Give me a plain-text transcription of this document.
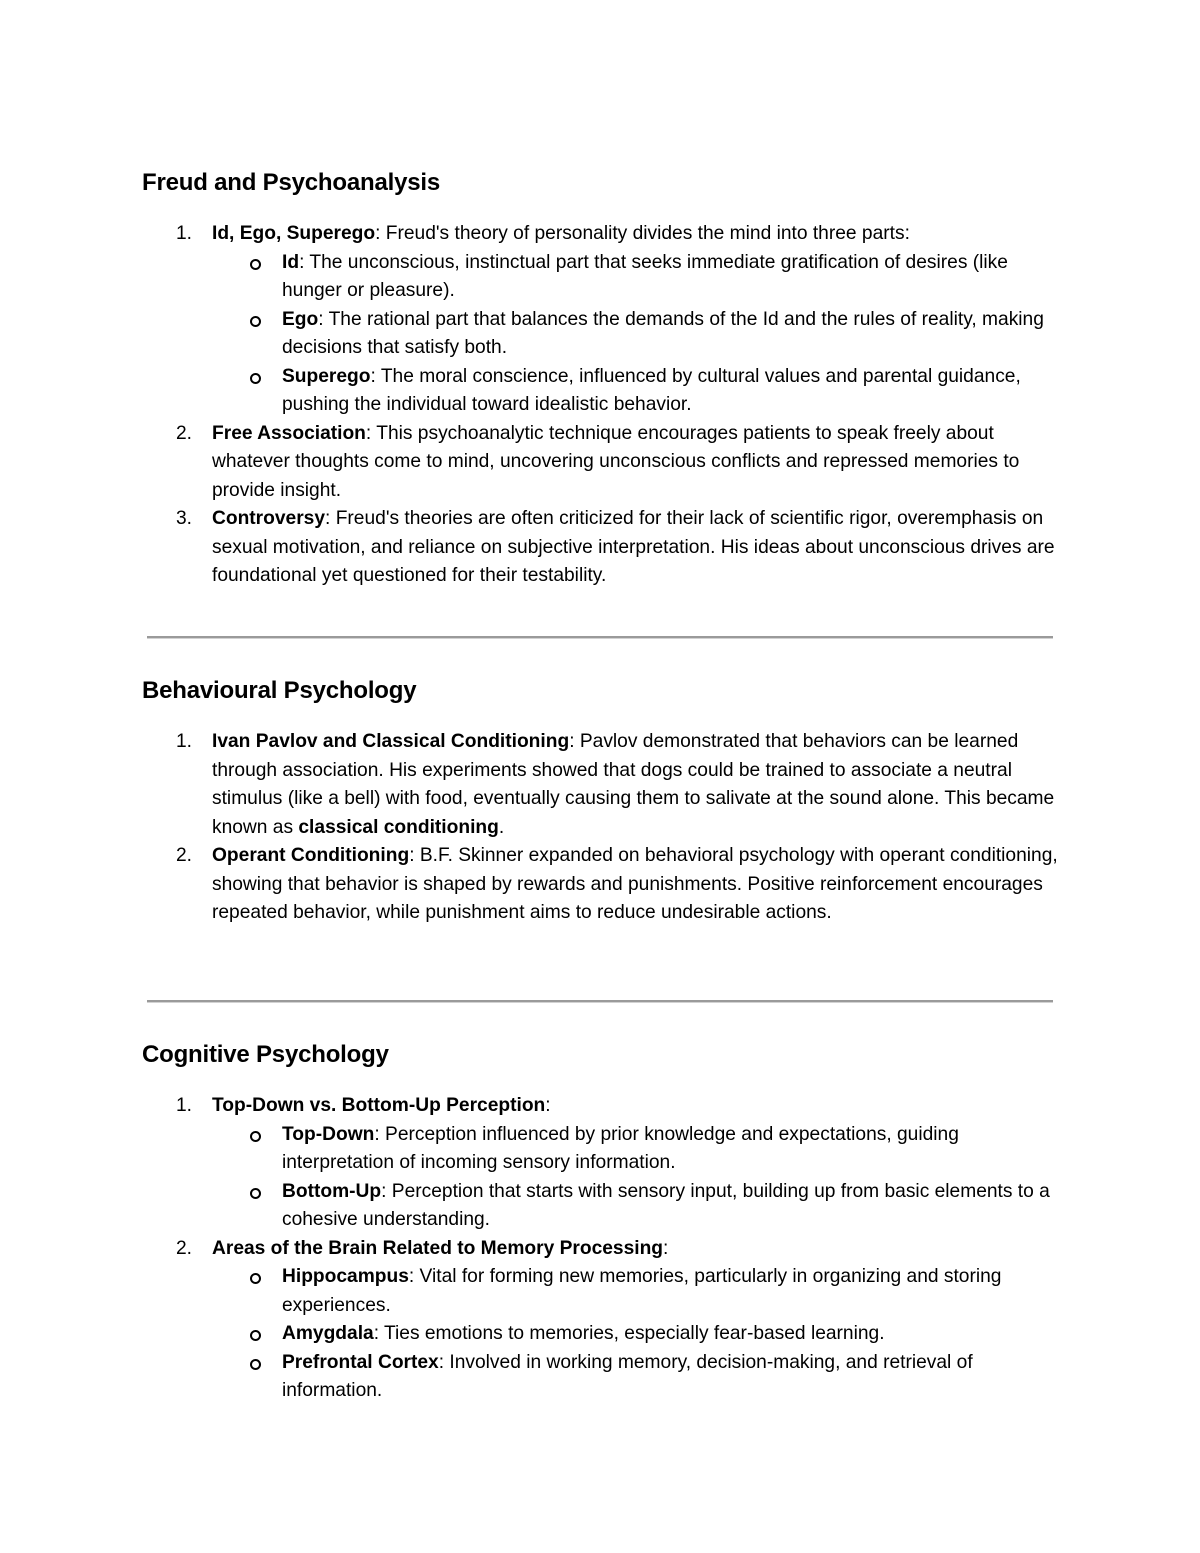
Freud and Psychoanalysis
1. Id, Ego, Superego: Freud's theory of personality divides the mind into three parts:
Id: The unconscious, instinctual part that seeks immediate gratification of desires (like hunger or pleasure).
Ego: The rational part that balances the demands of the Id and the rules of reality, making decisions that satisfy both.
Superego: The moral conscience, influenced by cultural values and parental guidance, pushing the individual toward idealistic behavior.
2. Free Association: This psychoanalytic technique encourages patients to speak freely about whatever thoughts come to mind, uncovering unconscious conflicts and repressed memories to provide insight.
3. Controversy: Freud's theories are often criticized for their lack of scientific rigor, overemphasis on sexual motivation, and reliance on subjective interpretation. His ideas about unconscious drives are foundational yet questioned for their testability.
Behavioural Psychology
1. Ivan Pavlov and Classical Conditioning: Pavlov demonstrated that behaviors can be learned through association. His experiments showed that dogs could be trained to associate a neutral stimulus (like a bell) with food, eventually causing them to salivate at the sound alone. This became known as classical conditioning.
2. Operant Conditioning: B.F. Skinner expanded on behavioral psychology with operant conditioning, showing that behavior is shaped by rewards and punishments. Positive reinforcement encourages repeated behavior, while punishment aims to reduce undesirable actions.
Cognitive Psychology
1. Top-Down vs. Bottom-Up Perception:
Top-Down: Perception influenced by prior knowledge and expectations, guiding interpretation of incoming sensory information.
Bottom-Up: Perception that starts with sensory input, building up from basic elements to a cohesive understanding.
2. Areas of the Brain Related to Memory Processing:
Hippocampus: Vital for forming new memories, particularly in organizing and storing experiences.
Amygdala: Ties emotions to memories, especially fear-based learning.
Prefrontal Cortex: Involved in working memory, decision-making, and retrieval of information.
